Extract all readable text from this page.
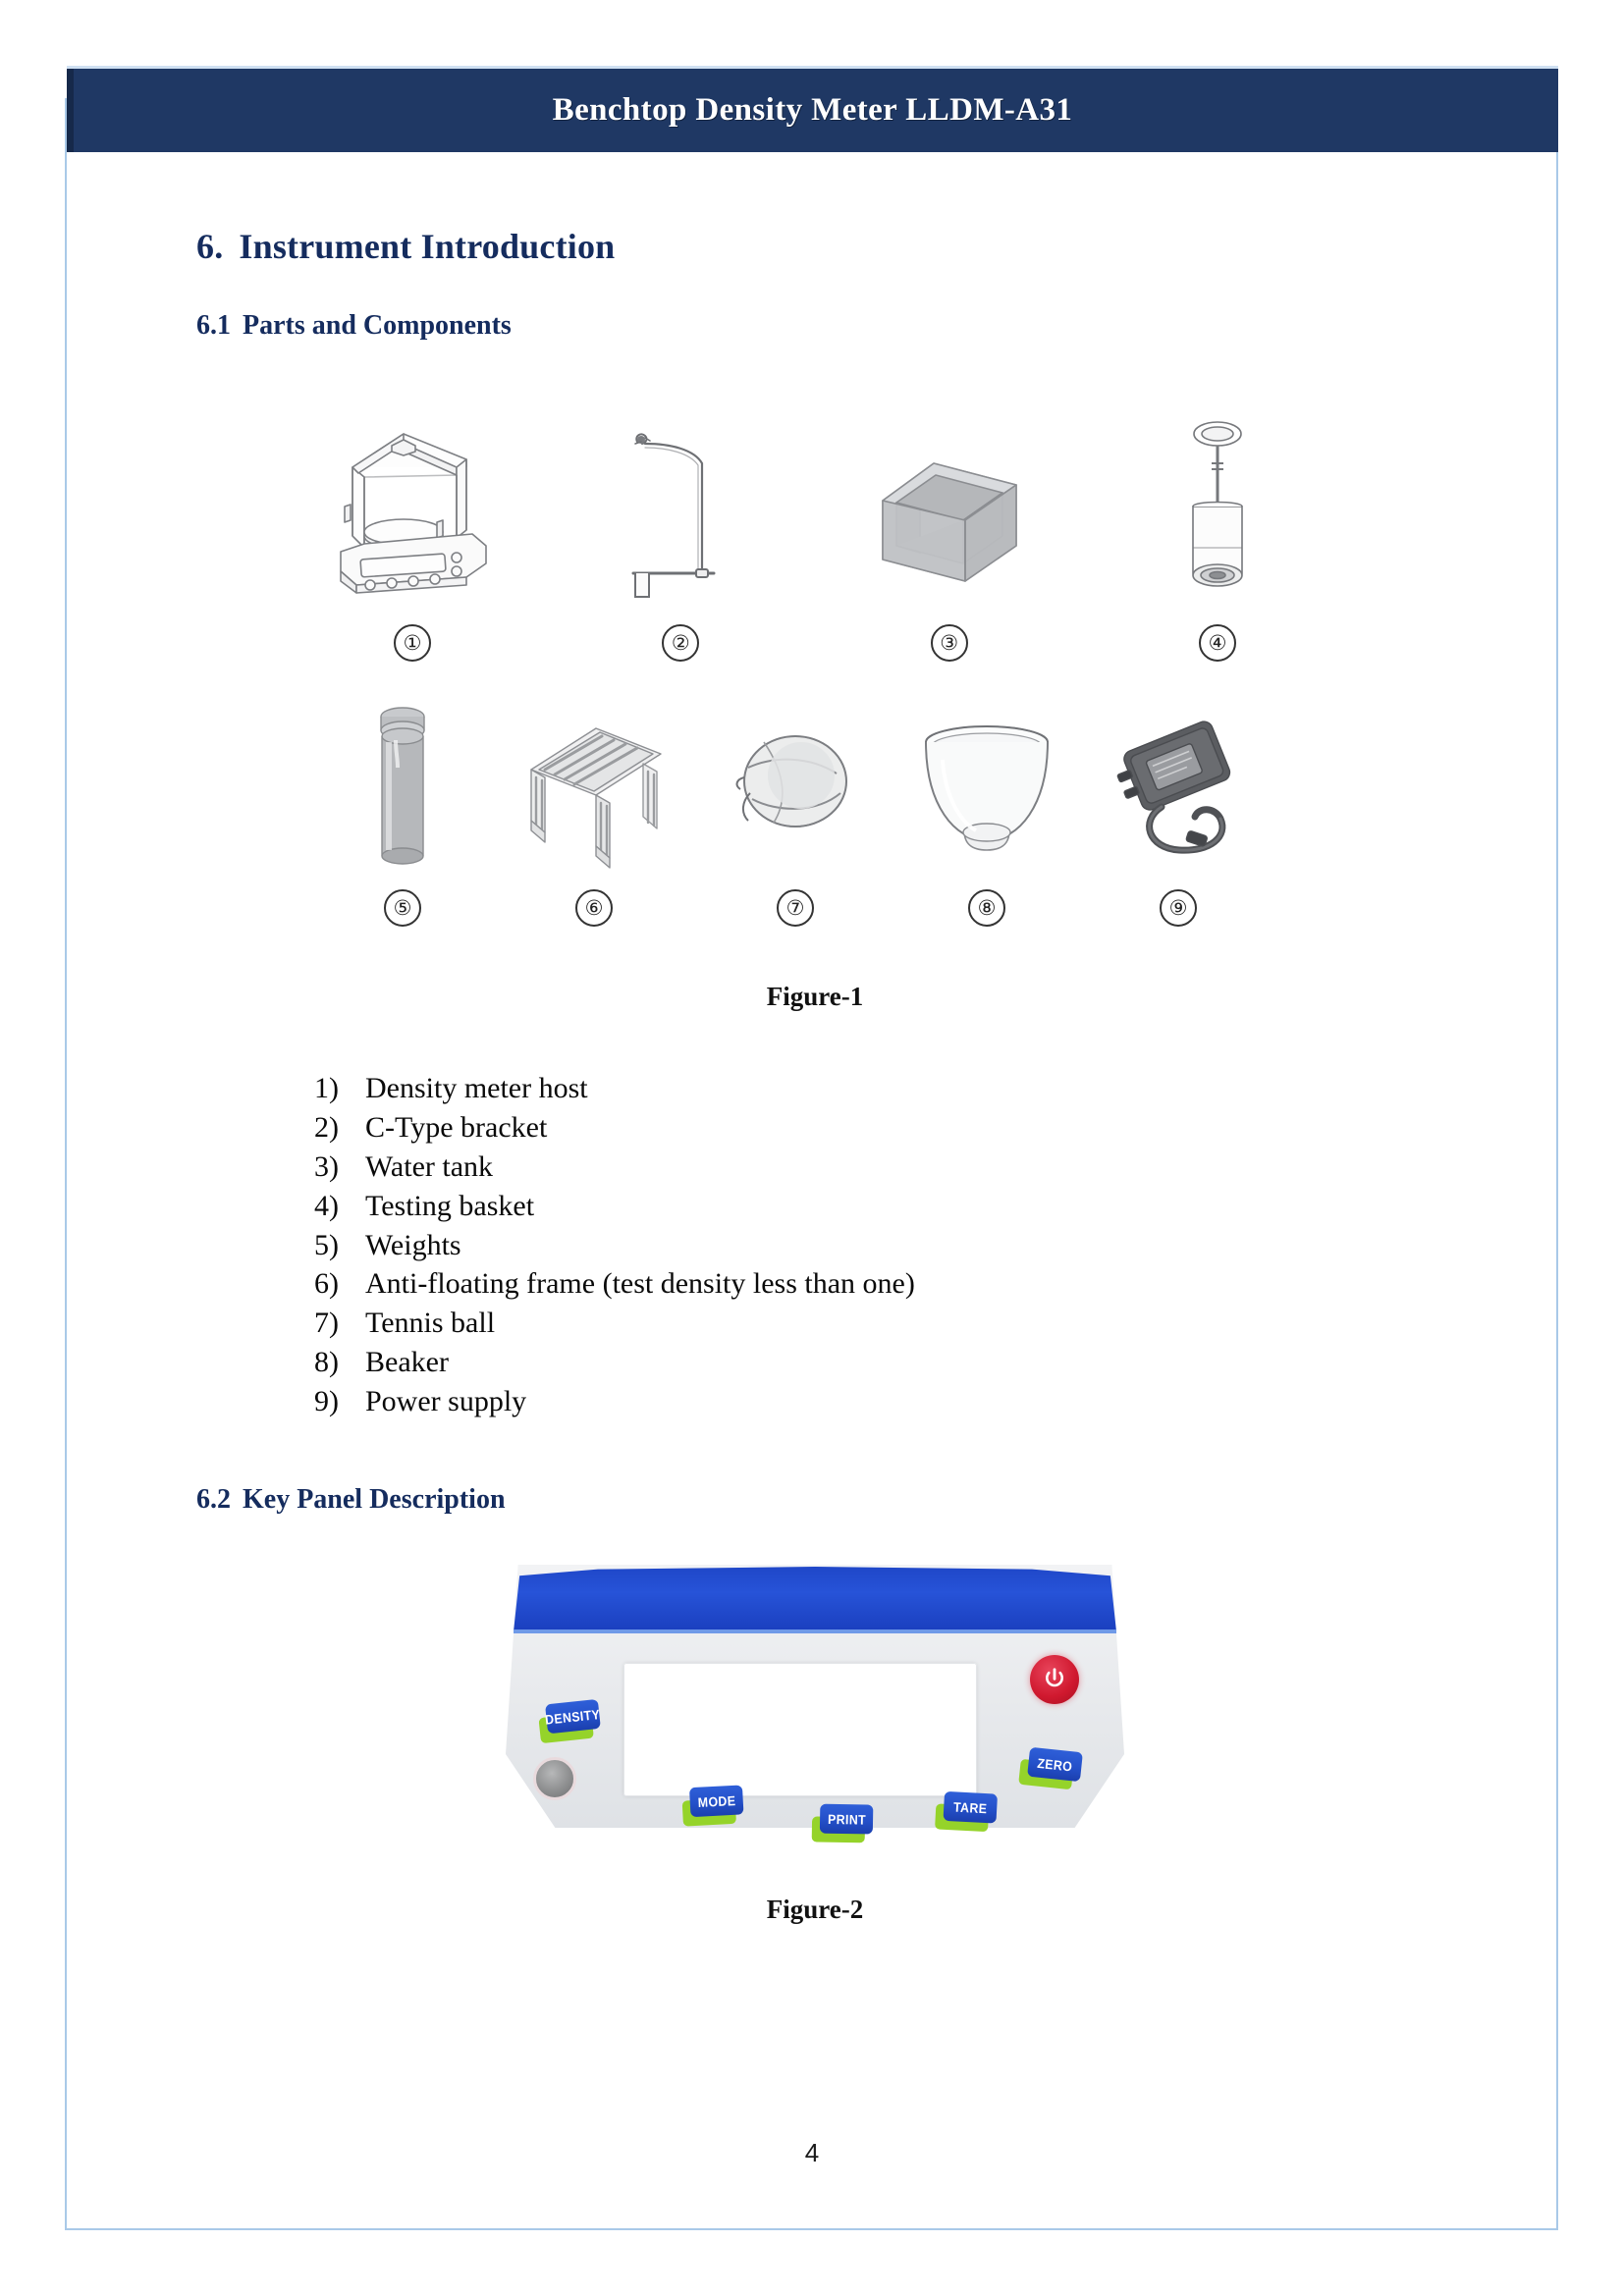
Benchtop Density Meter LLDM-A31
6. Instrument Introduction
6.1 Parts and Components
①	②	③	④
⑤	⑥	⑦	⑧	⑨
Figure-1
1) Density meter host
2) C-Type bracket
3) Water tank
4) Testing basket
5) Weights
6) Anti-floating frame (test density less than one)
7) Tennis ball
8) Beaker
9) Power supply
6.2 Key Panel Description
DENSITY
MODE
PRINT
TARE
ZERO
Figure-2
4
